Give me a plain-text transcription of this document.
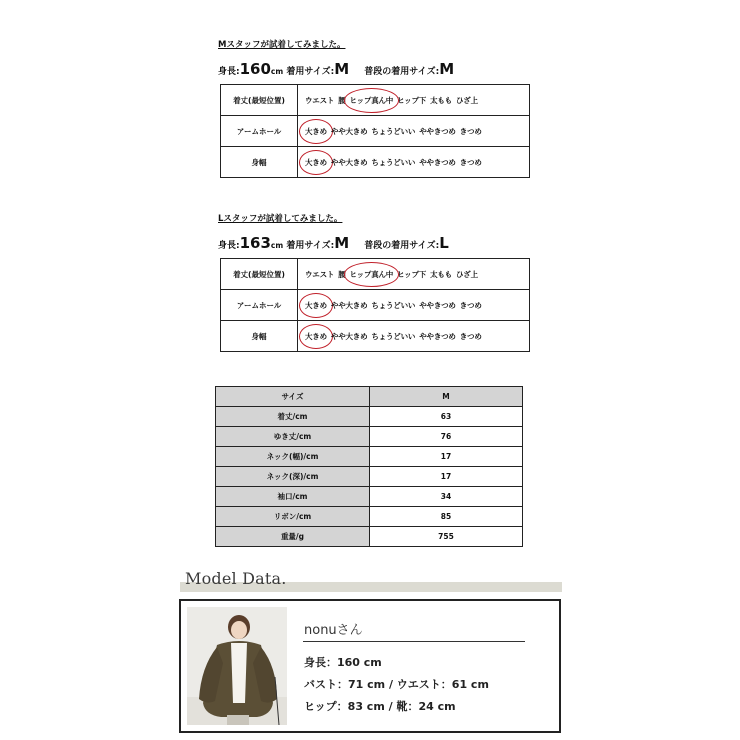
Mスタッフが試着してみました。
身長:160cm 着用サイズ:M 普段の着用サイズ:M
着丈(最短位置)	ウエスト 腰 ヒップ真ん中 ヒップ下 太もも ひざ上
アームホール	大きめ やや大きめ ちょうどいい ややきつめ きつめ
身幅	大きめ やや大きめ ちょうどいい ややきつめ きつめ
Lスタッフが試着してみました。
身長:163cm 着用サイズ:M 普段の着用サイズ:L
着丈(最短位置)	ウエスト 腰 ヒップ真ん中 ヒップ下 太もも ひざ上
アームホール	大きめ やや大きめ ちょうどいい ややきつめ きつめ
身幅	大きめ やや大きめ ちょうどいい ややきつめ きつめ
サイズ	M
着丈/cm	63
ゆき丈/cm	76
ネック(幅)/cm	17
ネック(深)/cm	17
袖口/cm	34
リボン/cm	85
重量/g	755
Model Data.
nonuさん
身長：160 cm
バスト：71 cm / ウエスト：61 cm
ヒップ：83 cm / 靴：24 cm
